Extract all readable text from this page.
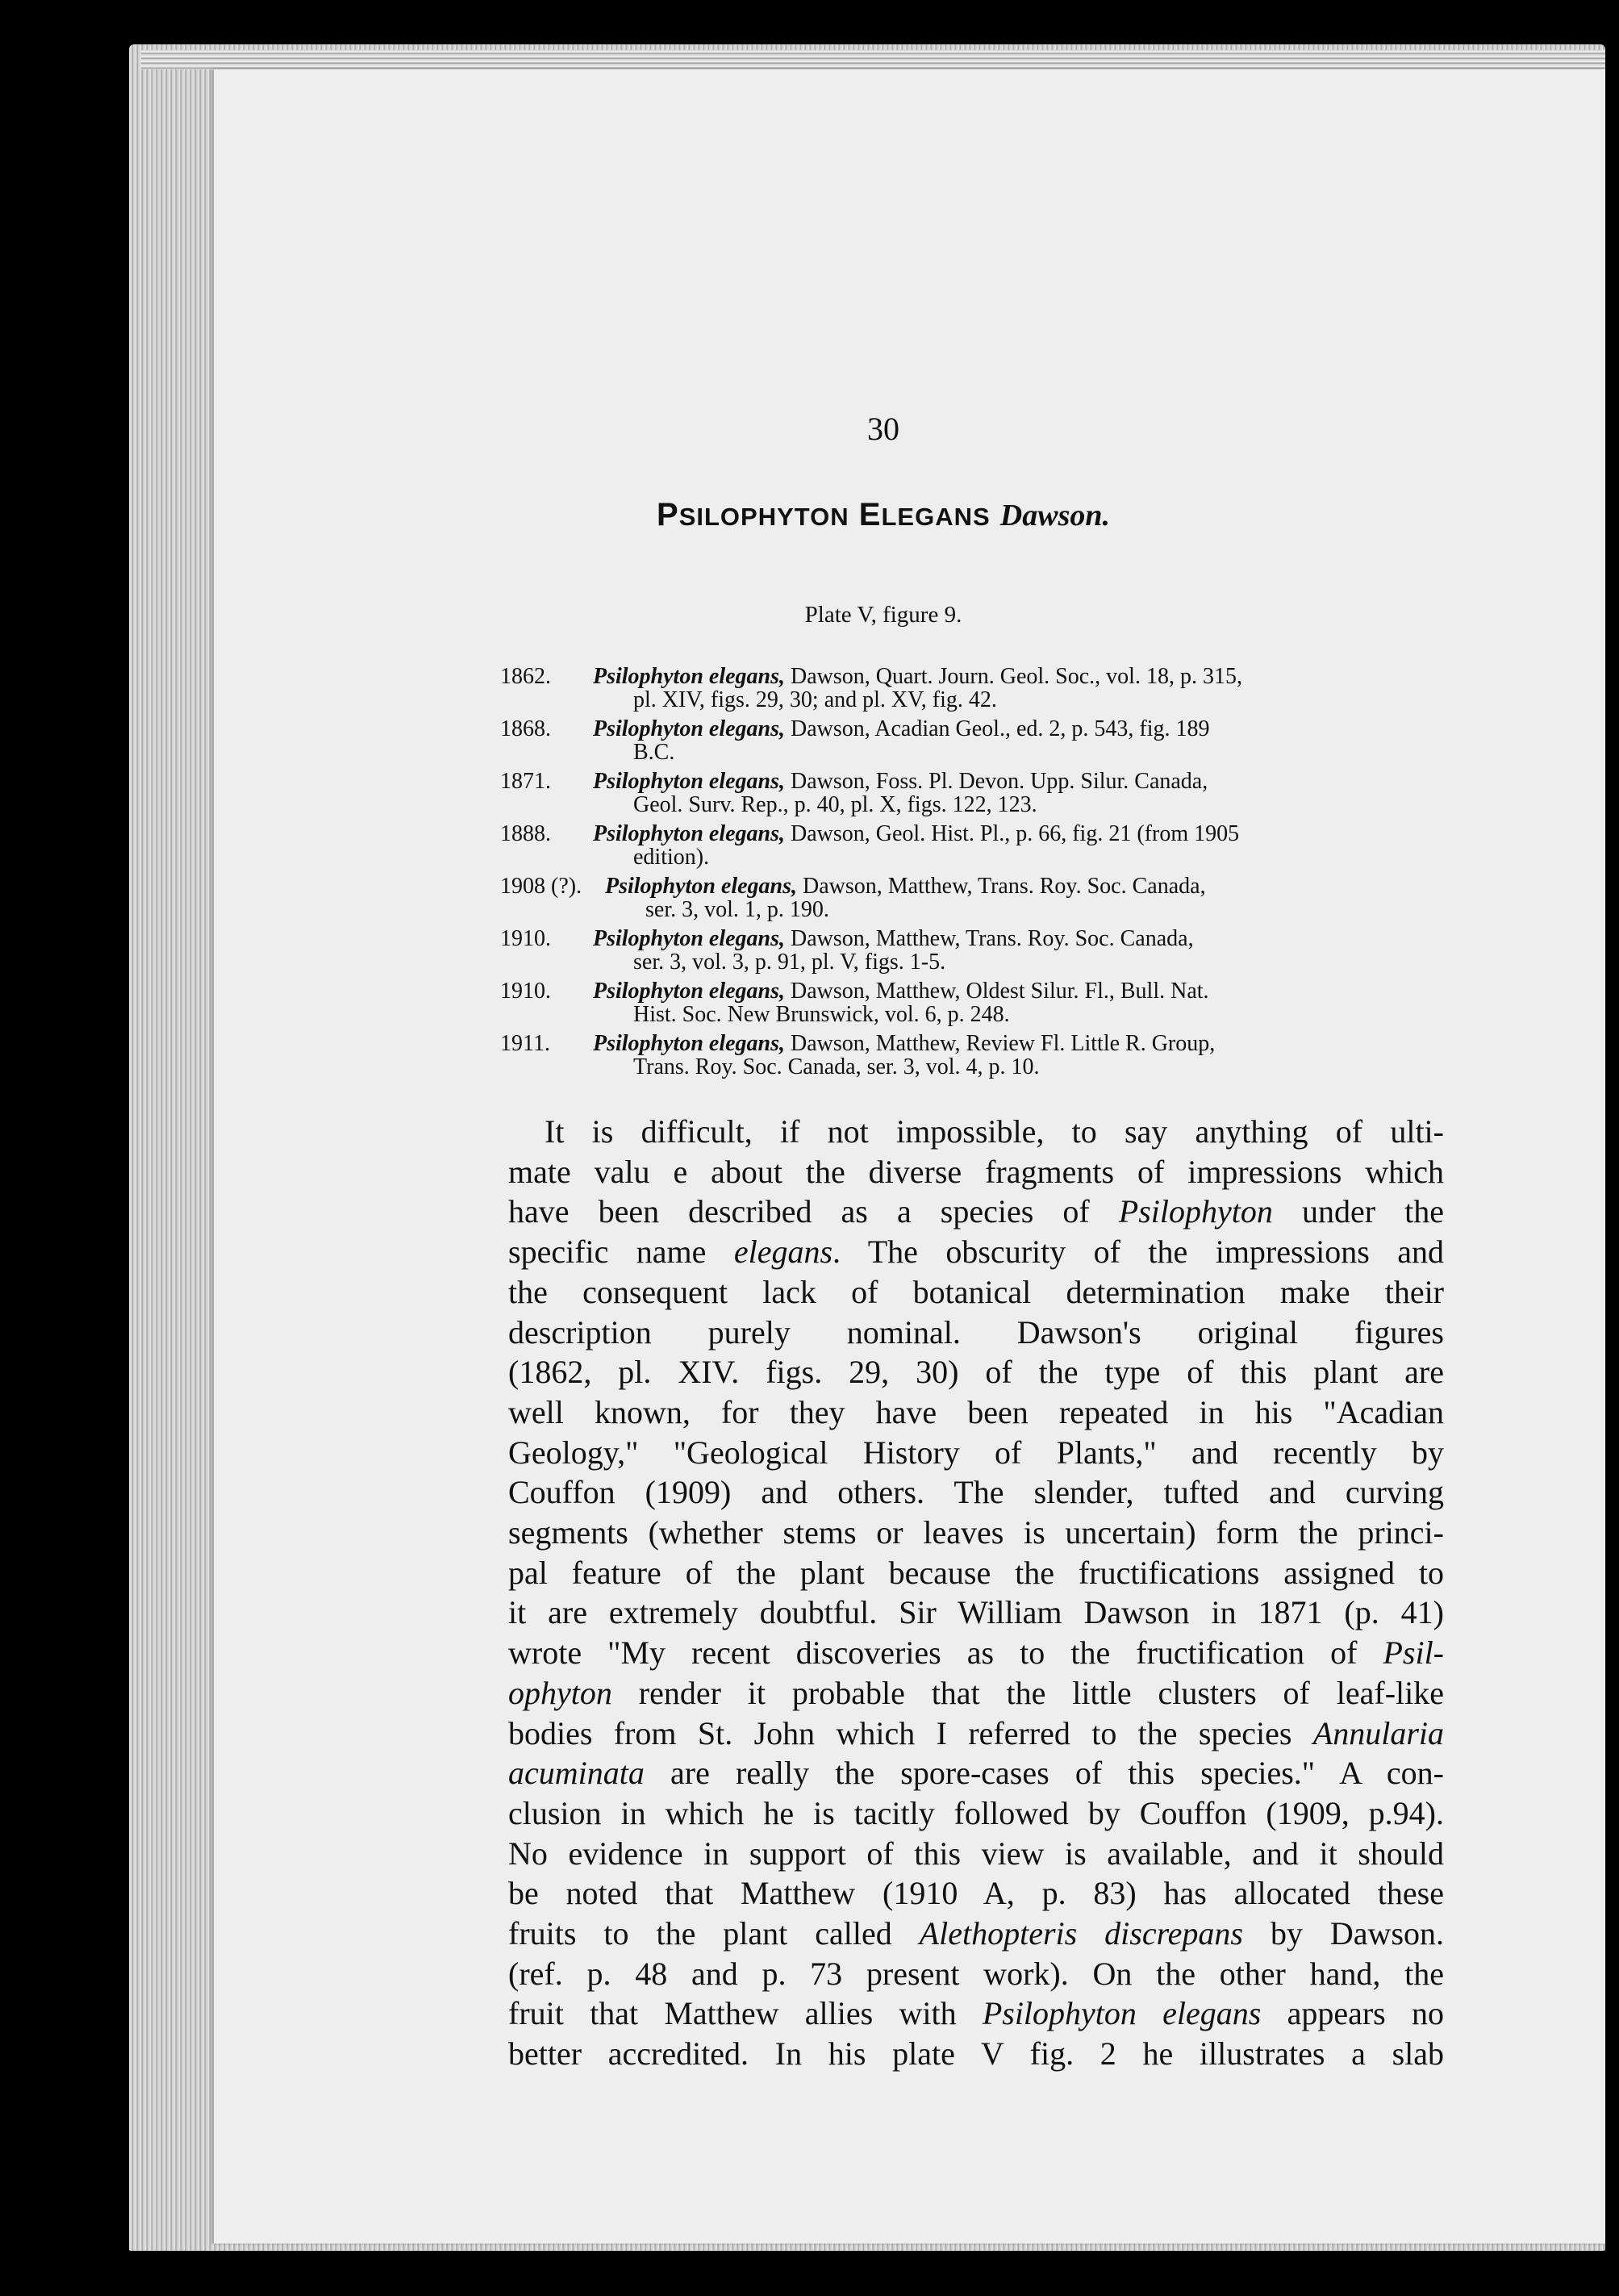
30
PSILOPHYTON ELEGANS Dawson.
Plate V, figure 9.
1862.	Psilophyton elegans, Dawson, Quart. Journ. Geol. Soc., vol. 18, p. 315,
pl. XIV, figs. 29, 30; and pl. XV, fig. 42.
1868.	Psilophyton elegans, Dawson, Acadian Geol., ed. 2, p. 543, fig. 189
B.C.
1871.	Psilophyton elegans, Dawson, Foss. Pl. Devon. Upp. Silur. Canada,
Geol. Surv. Rep., p. 40, pl. X, figs. 122, 123.
1888.	Psilophyton elegans, Dawson, Geol. Hist. Pl., p. 66, fig. 21 (from 1905
edition).
1908 (?).	Psilophyton elegans, Dawson, Matthew, Trans. Roy. Soc. Canada,
ser. 3, vol. 1, p. 190.
1910.	Psilophyton elegans, Dawson, Matthew, Trans. Roy. Soc. Canada,
ser. 3, vol. 3, p. 91, pl. V, figs. 1-5.
1910.	Psilophyton elegans, Dawson, Matthew, Oldest Silur. Fl., Bull. Nat.
Hist. Soc. New Brunswick, vol. 6, p. 248.
1911.	Psilophyton elegans, Dawson, Matthew, Review Fl. Little R. Group,
Trans. Roy. Soc. Canada, ser. 3, vol. 4, p. 10.
It is difficult, if not impossible, to say anything of ulti-
mate valu e about the diverse fragments of impressions which
have been described as a species of Psilophyton under the
specific name elegans. The obscurity of the impressions and
the consequent lack of botanical determination make their
description purely nominal. Dawson's original figures
(1862, pl. XIV. figs. 29, 30) of the type of this plant are
well known, for they have been repeated in his "Acadian
Geology," "Geological History of Plants," and recently by
Couffon (1909) and others. The slender, tufted and curving
segments (whether stems or leaves is uncertain) form the princi-
pal feature of the plant because the fructifications assigned to
it are extremely doubtful. Sir William Dawson in 1871 (p. 41)
wrote "My recent discoveries as to the fructification of Psil-
ophyton render it probable that the little clusters of leaf-like
bodies from St. John which I referred to the species Annularia
acuminata are really the spore-cases of this species." A con-
clusion in which he is tacitly followed by Couffon (1909, p.94).
No evidence in support of this view is available, and it should
be noted that Matthew (1910 A, p. 83) has allocated these
fruits to the plant called Alethopteris discrepans by Dawson.
(ref. p. 48 and p. 73 present work). On the other hand, the
fruit that Matthew allies with Psilophyton elegans appears no
better accredited. In his plate V fig. 2 he illustrates a slab
